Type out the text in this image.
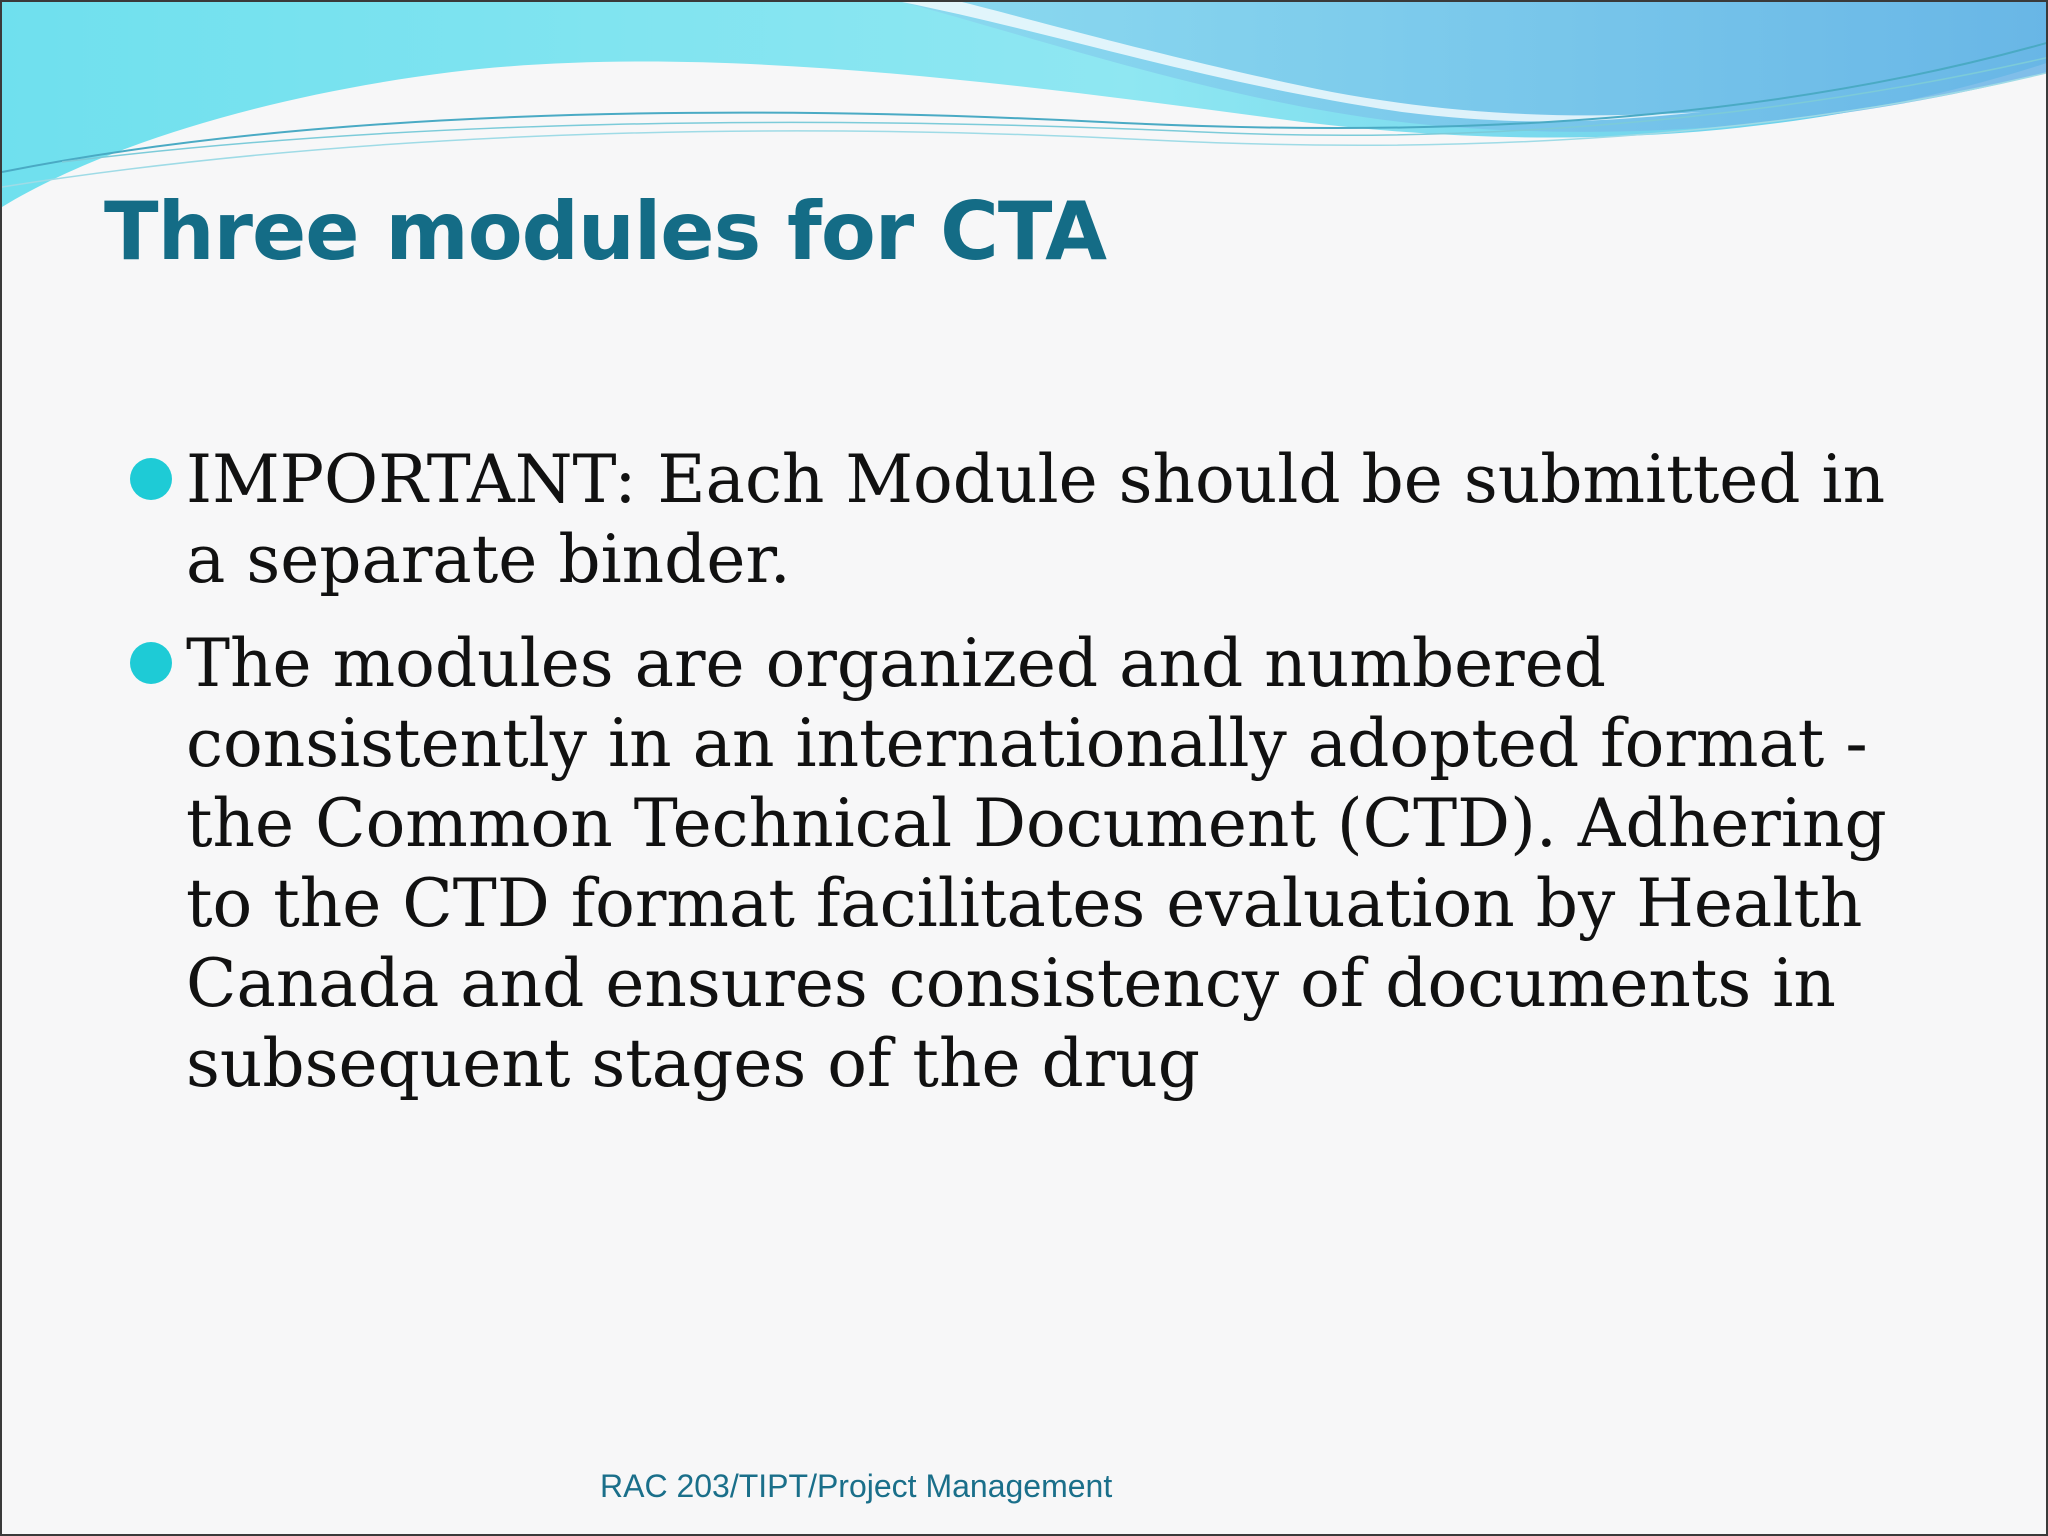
Three modules for CTA
IMPORTANT: Each Module should be submitted in a separate binder.
The modules are organized and numbered consistently in an internationally adopted format - the Common Technical Document (CTD). Adhering to the CTD format facilitates evaluation by Health Canada and ensures consistency of documents in subsequent stages of the drug
RAC 203/TIPT/Project Management
